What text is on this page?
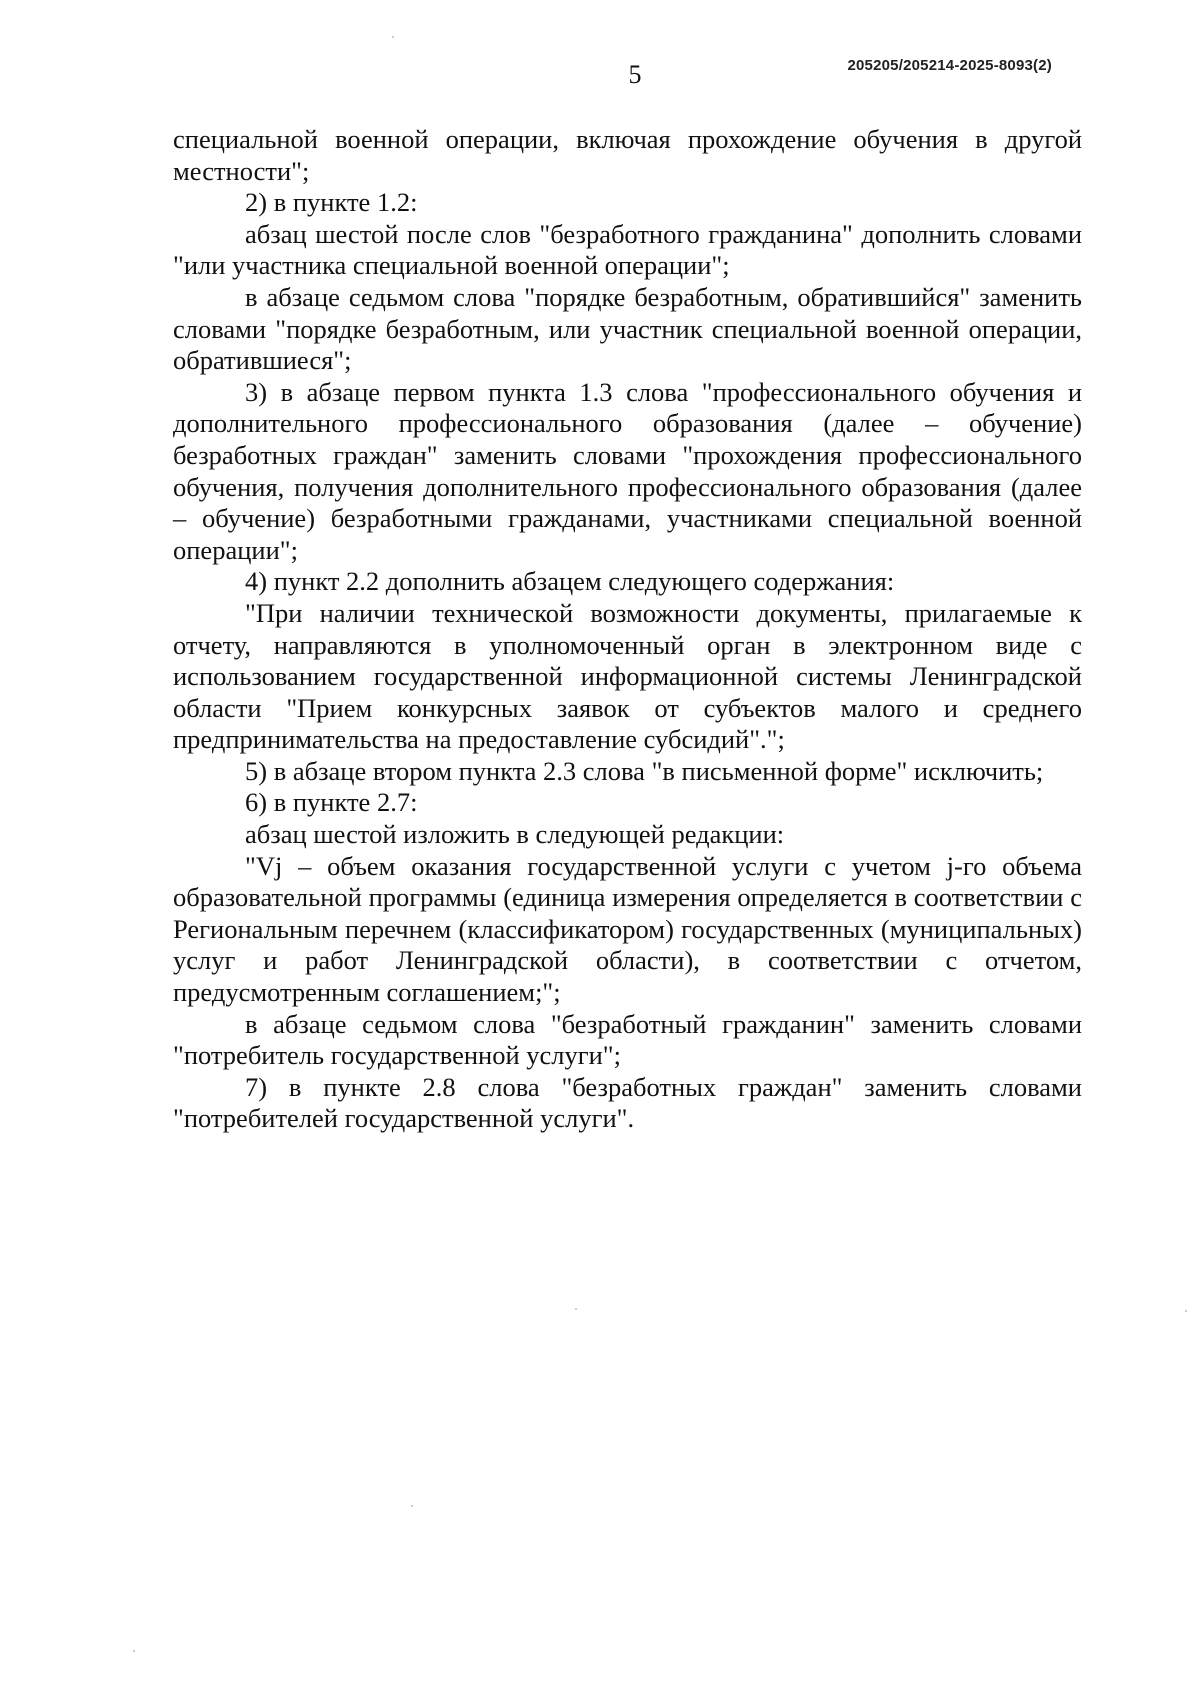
5	205205/205214-2025-8093(2)

специальной военной операции, включая прохождение обучения в другой местности";

2) в пункте 1.2:

абзац шестой после слов "безработного гражданина" дополнить словами "или участника специальной военной операции";

в абзаце седьмом слова "порядке безработным, обратившийся" заменить словами "порядке безработным, или участник специальной военной операции, обратившиеся";

3) в абзаце первом пункта 1.3 слова "профессионального обучения и дополнительного профессионального образования (далее – обучение) безработных граждан" заменить словами "прохождения профессионального обучения, получения дополнительного профессионального образования (далее – обучение) безработными гражданами, участниками специальной военной операции";

4) пункт 2.2 дополнить абзацем следующего содержания:

"При наличии технической возможности документы, прилагаемые к отчету, направляются в уполномоченный орган в электронном виде с использованием государственной информационной системы Ленинградской области "Прием конкурсных заявок от субъектов малого и среднего предпринимательства на предоставление субсидий".";

5) в абзаце втором пункта 2.3 слова "в письменной форме" исключить;

6) в пункте 2.7:

абзац шестой изложить в следующей редакции:

"Vj – объем оказания государственной услуги с учетом j-го объема образовательной программы (единица измерения определяется в соответствии с Региональным перечнем (классификатором) государственных (муниципальных) услуг и работ Ленинградской области), в соответствии с отчетом, предусмотренным соглашением;";

в абзаце седьмом слова "безработный гражданин" заменить словами "потребитель государственной услуги";

7) в пункте 2.8 слова "безработных граждан" заменить словами "потребителей государственной услуги".
